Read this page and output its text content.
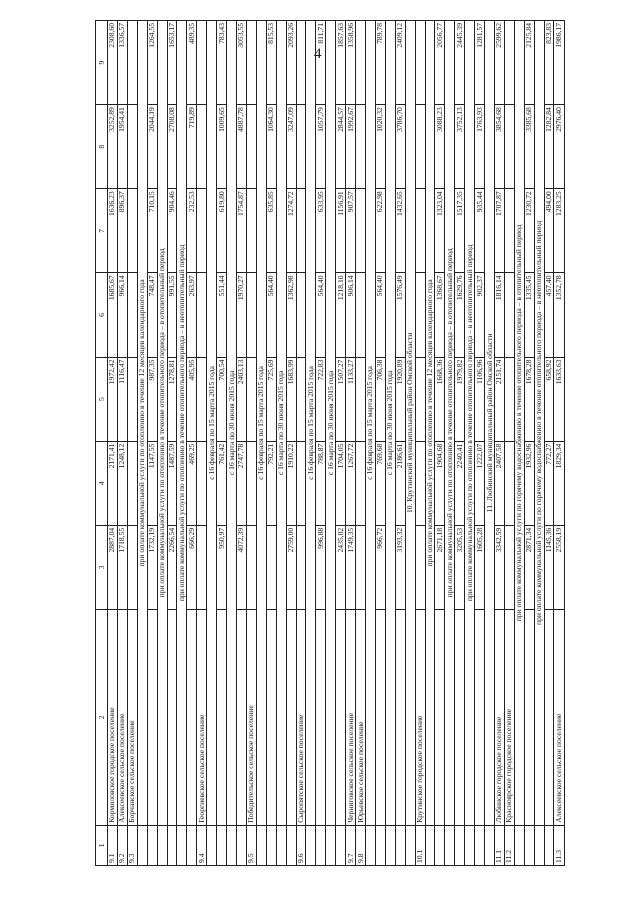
4
1	2	3	4	5	6	7	8	9
9.1	Кормиловское городское поселение	2887,04	2171,41	1972,42	1685,67	1636,23	3252,89	2308,60
9.2	Алексеевское сельское поселение	1718,55	1248,12	1116,47	966,14	896,37	1954,41	1336,57
9.3	Борчанское сельское поселение							
	при оплате коммунальной услуги по отоплению в течение 12 месяцев календарного года							
		1732,19	1147,55	987,35	748,47	710,15	2044,19	1264,55
	при оплате коммунальной услуги по отоплению в течение отопительного периода – в отопительный период							
		2266,54	1487,59	1278,81	991,55	904,46	2708,08	1653,17
	при оплате коммунальной услуги по отоплению в течение отопительного периода – в неотопительный период							
		666,29	469,25	405,95	263,97	232,53	719,89	489,35
9.4	Георгиевское сельское поселение							
	с 16 февраля по 15 марта 2015 года							
		950,97	761,42	700,54	551,44	619,80	1009,65	783,43
	с 16 марта по 30 июня 2015 года							
		4072,39	2747,78	2403,13	1970,27	1754,87	4887,78	3053,55
9.5	Победительское сельское поселение							
	с 16 февраля по 15 марта 2015 года							
			792,21	725,69	564,40	635,85	1064,30	815,53
	с 16 марта по 30 июня 2015 года							
		2759,00	1910,22	1683,99	1362,98	1274,72	3247,09	2093,26
9.6	Сыропятское сельское поселение							
	с 16 февраля по 15 марта 2015 года							
		996,88	788,87	722,83	564,40	633,95	1057,79	811,71
	с 16 марта по 30 июня 2015 года							
		2435,02	1704,05	1507,27	1218,10	1156,91	2844,57	1857,63
9.7	Черниговское сельское поселение	1749,35	1267,72	1133,27	906,14	907,57	1992,67	1358,96
9.8	Юрьевское сельское поселение							
	с 16 февраля по 15 марта 2015 года							
		966,72	769,68	706,38	564,40	622,98	1020,32	789,78
	с 16 марта по 30 июня 2015 года							
		3193,32	2186,61	1920,89	1576,49	1432,65	3786,70	2409,12
	10. Крутинский муниципальный район Омской области							
10.1	Крутинское городское поселение							
	при оплате коммунальной услуги по отоплению в течение 12 месяцев календарного года							
		2671,18	1904,68	1668,36	1368,67	1323,04	3088,23	2056,77
	при оплате коммунальной услуги по отоплению в течение отопительного периода – в отопительный период							
		3205,53	2240,41	1979,82	1629,76	1517,35	3752,13	2445,39
	при оплате коммунальной услуги по отоплению в течение отопительного периода – в неотопительный период							
		1605,28	1222,07	1106,96	902,37	935,44	1763,93	1281,57
	11. Любинский муниципальный район Омской области							
11.1	Любинское городское поселение	3342,59	2407,58	2151,74	1816,14	1707,87	3854,68	2599,62
11.2	Красноярское городское поселение							
	при оплате коммунальной услуги по горячему водоснабжению в течение отопительного периода – в отопительный период							
		2871,34	1932,96	1678,28	1335,45	1230,72	3385,68	2125,84
	при оплате коммунальной услуги по горячему водоснабжению в течение отопительного периода – в неотопительный период							
		1145,36	772,27	658,92	457,40	494,00	1282,84	823,83
11.3	Алексеевское сельское поселение	2558,19	1829,34	1633,63	1352,78	1283,25	2976,40	1986,17
